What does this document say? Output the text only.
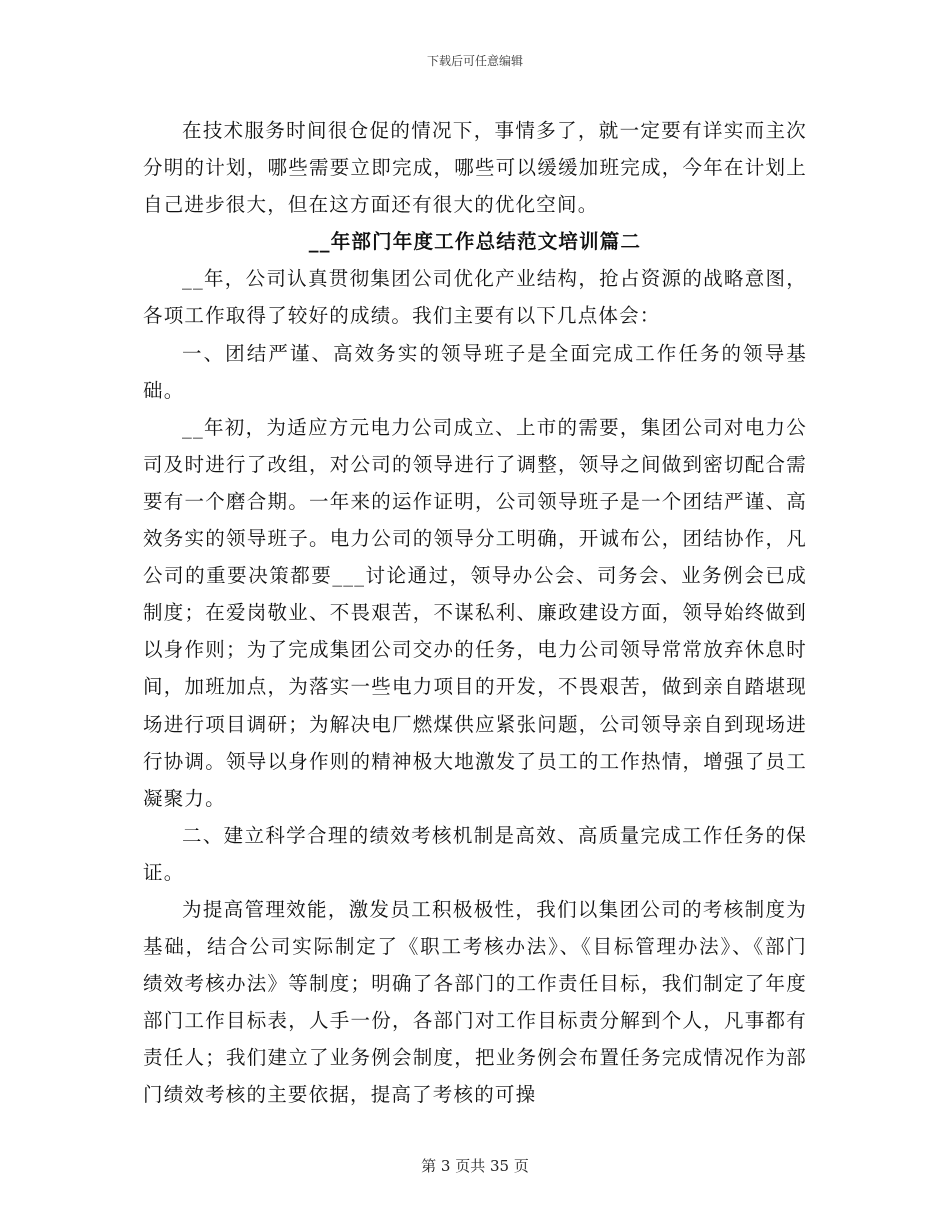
下载后可任意编辑

在技术服务时间很仓促的情况下，事情多了，就一定要有详实而主次分明的计划，哪些需要立即完成，哪些可以缓缓加班完成，今年在计划上自己进步很大，但在这方面还有很大的优化空间。

__年部门年度工作总结范文培训篇二

__年，公司认真贯彻集团公司优化产业结构，抢占资源的战略意图，各项工作取得了较好的成绩。我们主要有以下几点体会：

一、团结严谨、高效务实的领导班子是全面完成工作任务的领导基础。

__年初，为适应方元电力公司成立、上市的需要，集团公司对电力公司及时进行了改组，对公司的领导进行了调整，领导之间做到密切配合需要有一个磨合期。一年来的运作证明，公司领导班子是一个团结严谨、高效务实的领导班子。电力公司的领导分工明确，开诚布公，团结协作，凡公司的重要决策都要___讨论通过，领导办公会、司务会、业务例会已成制度；在爱岗敬业、不畏艰苦，不谋私利、廉政建设方面，领导始终做到以身作则；为了完成集团公司交办的任务，电力公司领导常常放弃休息时间，加班加点，为落实一些电力项目的开发，不畏艰苦，做到亲自踏堪现场进行项目调研；为解决电厂燃煤供应紧张问题，公司领导亲自到现场进行协调。领导以身作则的精神极大地激发了员工的工作热情，增强了员工凝聚力。

二、建立科学合理的绩效考核机制是高效、高质量完成工作任务的保证。

为提高管理效能，激发员工积极极性，我们以集团公司的考核制度为基础，结合公司实际制定了《职工考核办法》、《目标管理办法》、《部门绩效考核办法》等制度；明确了各部门的工作责任目标，我们制定了年度部门工作目标表，人手一份，各部门对工作目标责分解到个人，凡事都有责任人；我们建立了业务例会制度，把业务例会布置任务完成情况作为部门绩效考核的主要依据，提高了考核的可操

第 3 页共 35 页
